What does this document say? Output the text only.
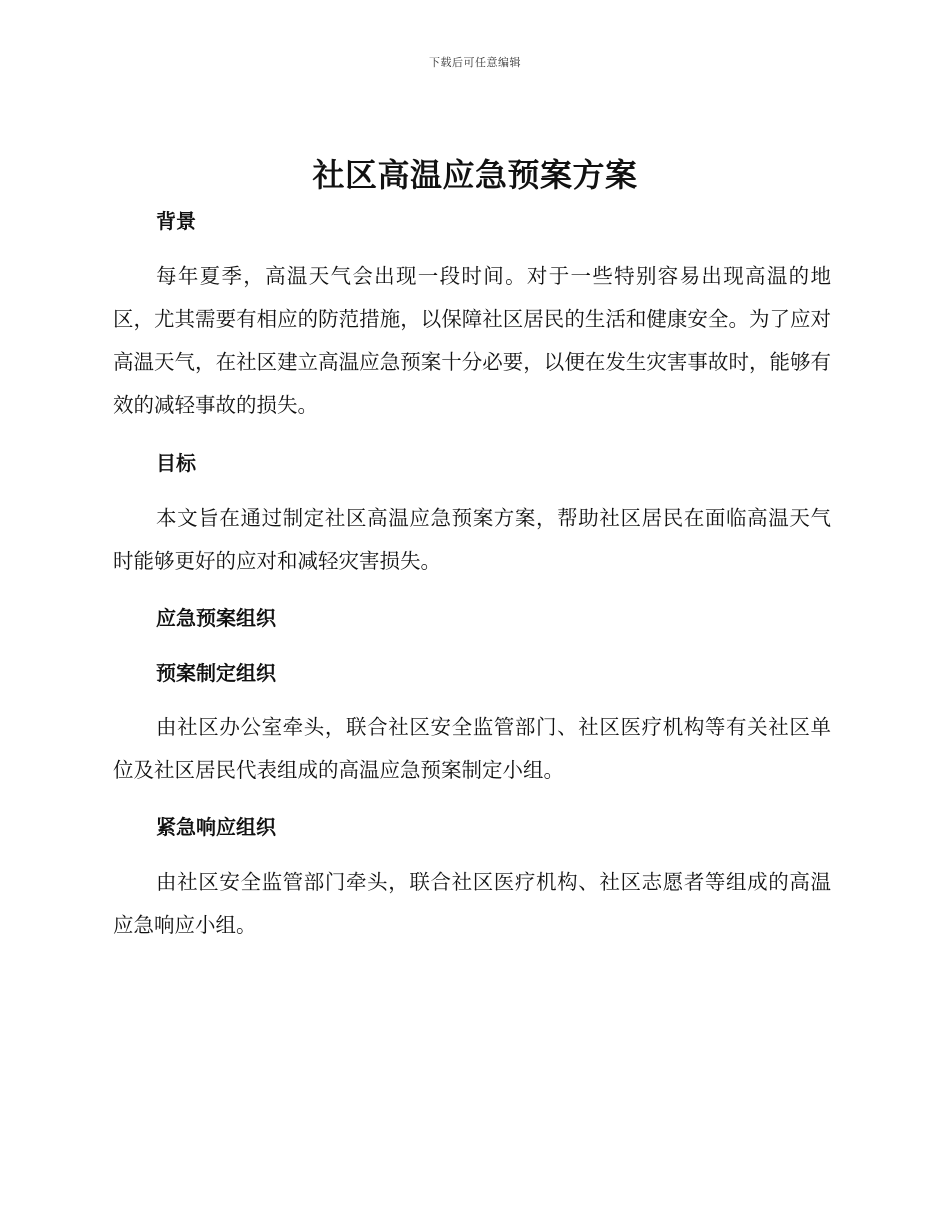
下载后可任意编辑
社区高温应急预案方案
背景

每年夏季，高温天气会出现一段时间。对于一些特别容易出现高温的地区，尤其需要有相应的防范措施，以保障社区居民的生活和健康安全。为了应对高温天气，在社区建立高温应急预案十分必要，以便在发生灾害事故时，能够有效的减轻事故的损失。

目标

本文旨在通过制定社区高温应急预案方案，帮助社区居民在面临高温天气时能够更好的应对和减轻灾害损失。

应急预案组织
预案制定组织

由社区办公室牵头，联合社区安全监管部门、社区医疗机构等有关社区单位及社区居民代表组成的高温应急预案制定小组。

紧急响应组织

由社区安全监管部门牵头，联合社区医疗机构、社区志愿者等组成的高温应急响应小组。
